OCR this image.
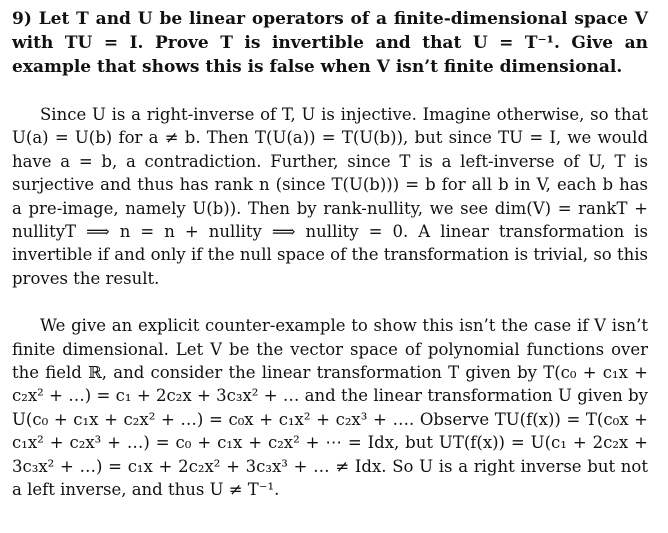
9) Let T and U be linear operators of a finite-dimensional space V with TU = I. Prove T is invertible and that U = T⁻¹. Give an example that shows this is false when V isn’t finite dimensional.

Since U is a right-inverse of T, U is injective. Imagine otherwise, so that U(a) = U(b) for a ≠ b. Then T(U(a)) = T(U(b)), but since TU = I, we would have a = b, a contradiction. Further, since T is a left-inverse of U, T is surjective and thus has rank n (since T(U(b))) = b for all b in V, each b has a pre-image, namely U(b)). Then by rank-nullity, we see dim(V) = rankT + nullityT ⟹ n = n + nullity ⟹ nullity = 0. A linear transformation is invertible if and only if the null space of the transformation is trivial, so this proves the result.

We give an explicit counter-example to show this isn’t the case if V isn’t finite dimensional. Let V be the vector space of polynomial functions over the field ℝ, and consider the linear transformation T given by T(c₀ + c₁x + c₂x² + …) = c₁ + 2c₂x + 3c₃x² + … and the linear transformation U given by U(c₀ + c₁x + c₂x² + …) = c₀x + c₁x² + c₂x³ + …. Observe TU(f(x)) = T(c₀x + c₁x² + c₂x³ + …) = c₀ + c₁x + c₂x² + ⋯ = Idx, but UT(f(x)) = U(c₁ + 2c₂x + 3c₃x² + …) = c₁x + 2c₂x² + 3c₃x³ + … ≠ Idx. So U is a right inverse but not a left inverse, and thus U ≠ T⁻¹.
